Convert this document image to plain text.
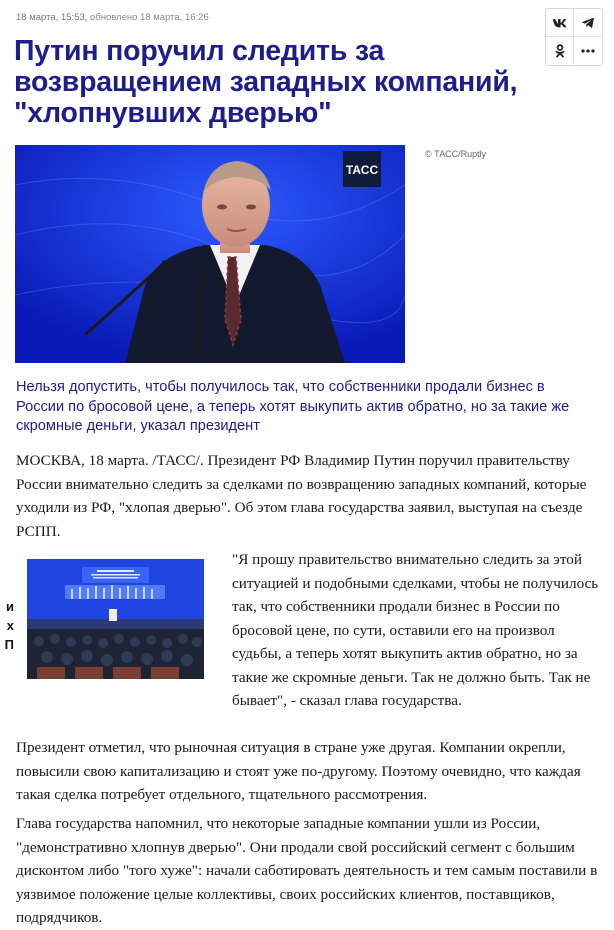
18 марта, 15:53, обновлено 18 марта, 16:26
Путин поручил следить за возвращением западных компаний, "хлопнувших дверью"
ТАСС
© ТАСС/Ruptly

Нельзя допустить, чтобы получилось так, что собственники продали бизнес в России по бросовой цене, а теперь хотят выкупить актив обратно, но за такие же скромные деньги, указал президент

МОСКВА, 18 марта. /ТАСС/. Президент РФ Владимир Путин поручил правительству России внимательно следить за сделками по возвращению западных компаний, которые уходили из РФ, "хлопая дверью". Об этом глава государства заявил, выступая на съезде РСПП.

и
х
П

"Я прошу правительство внимательно следить за этой ситуацией и подобными сделками, чтобы не получилось так, что собственники продали бизнес в России по бросовой цене, по сути, оставили его на произвол судьбы, а теперь хотят выкупить актив обратно, но за такие же скромные деньги. Так не должно быть. Так не бывает", - сказал глава государства.

Президент отметил, что рыночная ситуация в стране уже другая. Компании окрепли, повысили свою капитализацию и стоят уже по-другому. Поэтому очевидно, что каждая такая сделка потребует отдельного, тщательного рассмотрения.

Глава государства напомнил, что некоторые западные компании ушли из России, "демонстративно хлопнув дверью". Они продали свой российский сегмент с большим дисконтом либо "того хуже": начали саботировать деятельность и тем самым поставили в уязвимое положение целые коллективы, своих российских клиентов, поставщиков, подрядчиков.
